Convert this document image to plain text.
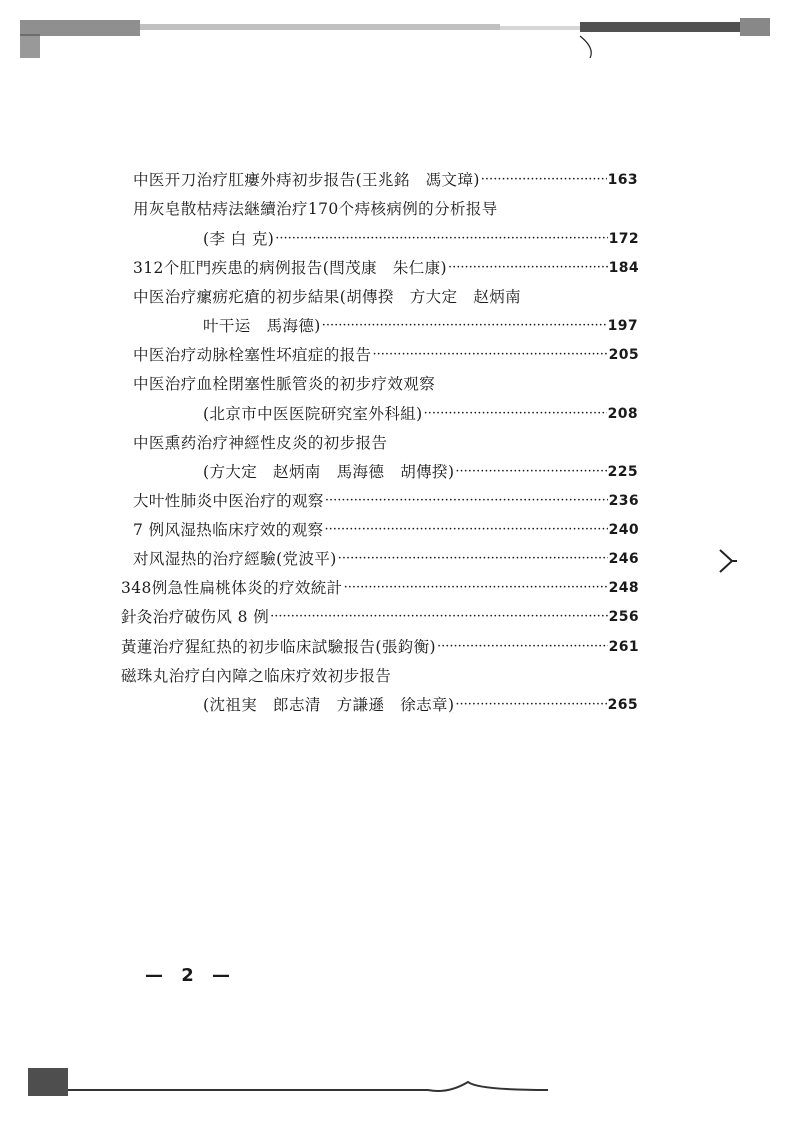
中医开刀治疗肛瘻外痔初步报告(王兆銘　馮文璋) ·····	163
用灰皂散枯痔法継續治疗170个痔核病例的分析报导
(李 白 克) ·····	172
312个肛門疾患的病例报告(閆茂康　朱仁康) ·····	184
中医治疗瘰疬疕瘡的初步結果(胡傳揆　方大定　赵炳南
叶干运　馬海德) ·····	197
中医治疗动脉栓塞性坏疽症的报告 ·····	205
中医治疗血栓閉塞性脈管炎的初步疗效观察
(北京市中医医院研究室外科組) ·····	208
中医熏药治疗神經性皮炎的初步报告
(方大定　赵炳南　馬海德　胡傳揆) ·····	225
大叶性肺炎中医治疗的观察 ·····	236
7 例风湿热临床疗效的观察 ·····	240
对风湿热的治疗經驗(党波平) ·····	246
348例急性扁桃体炎的疗效統計 ·····	248
針灸治疗破伤风 8 例 ·····	256
黃蓮治疗猩紅热的初步临床試驗报告(張鈞衡) ·····	261
磁珠丸治疗白內障之临床疗效初步报告
(沈祖実　郎志清　方謙遜　徐志章) ·····	265
— 2 —
